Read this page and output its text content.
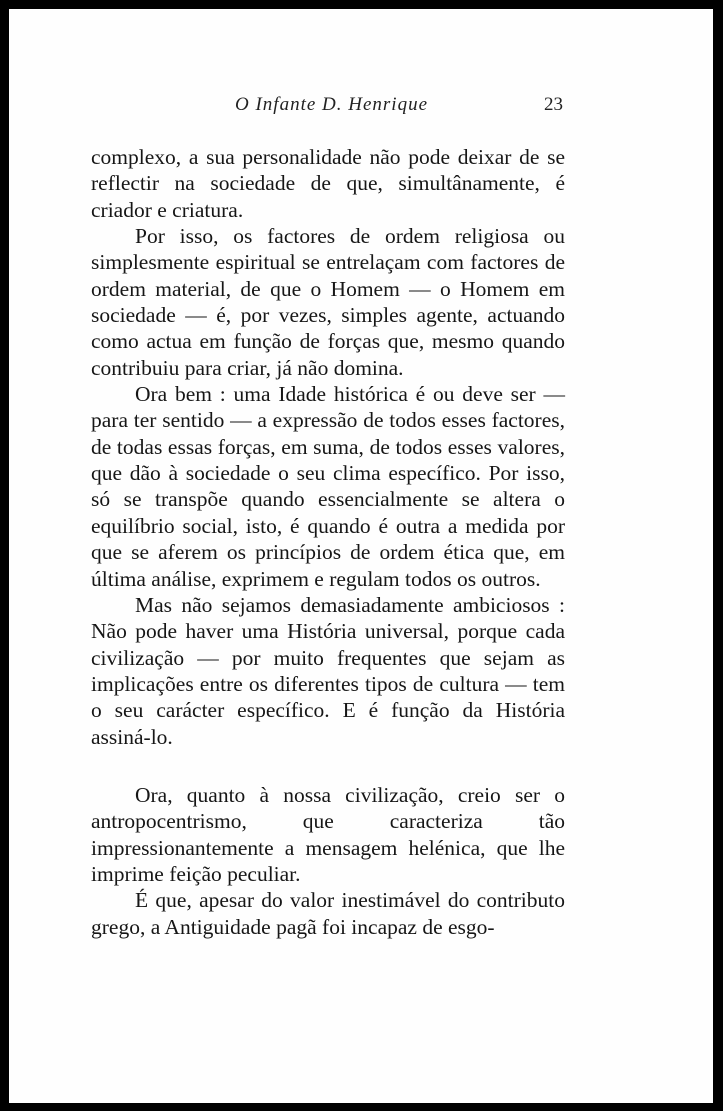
O Infante D. Henrique	23

complexo, a sua personalidade não pode deixar de se reflectir na sociedade de que, simultânamente, é criador e criatura.

Por isso, os factores de ordem religiosa ou simplesmente espiritual se entrelaçam com factores de ordem material, de que o Homem — o Homem em sociedade — é, por vezes, simples agente, actuando como actua em função de forças que, mesmo quando contribuiu para criar, já não domina.

Ora bem : uma Idade histórica é ou deve ser — para ter sentido — a expressão de todos esses factores, de todas essas forças, em suma, de todos esses valores, que dão à sociedade o seu clima específico. Por isso, só se transpõe quando essencialmente se altera o equilíbrio social, isto, é quando é outra a medida por que se aferem os princípios de ordem ética que, em última análise, exprimem e regulam todos os outros.

Mas não sejamos demasiadamente ambiciosos : Não pode haver uma História universal, porque cada civilização — por muito frequentes que sejam as implicações entre os diferentes tipos de cultura — tem o seu carácter específico. E é função da História assiná-lo.

Ora, quanto à nossa civilização, creio ser o antropocentrismo, que caracteriza tão impressionantemente a mensagem helénica, que lhe imprime feição peculiar.

É que, apesar do valor inestimável do contributo grego, a Antiguidade pagã foi incapaz de esgo-
